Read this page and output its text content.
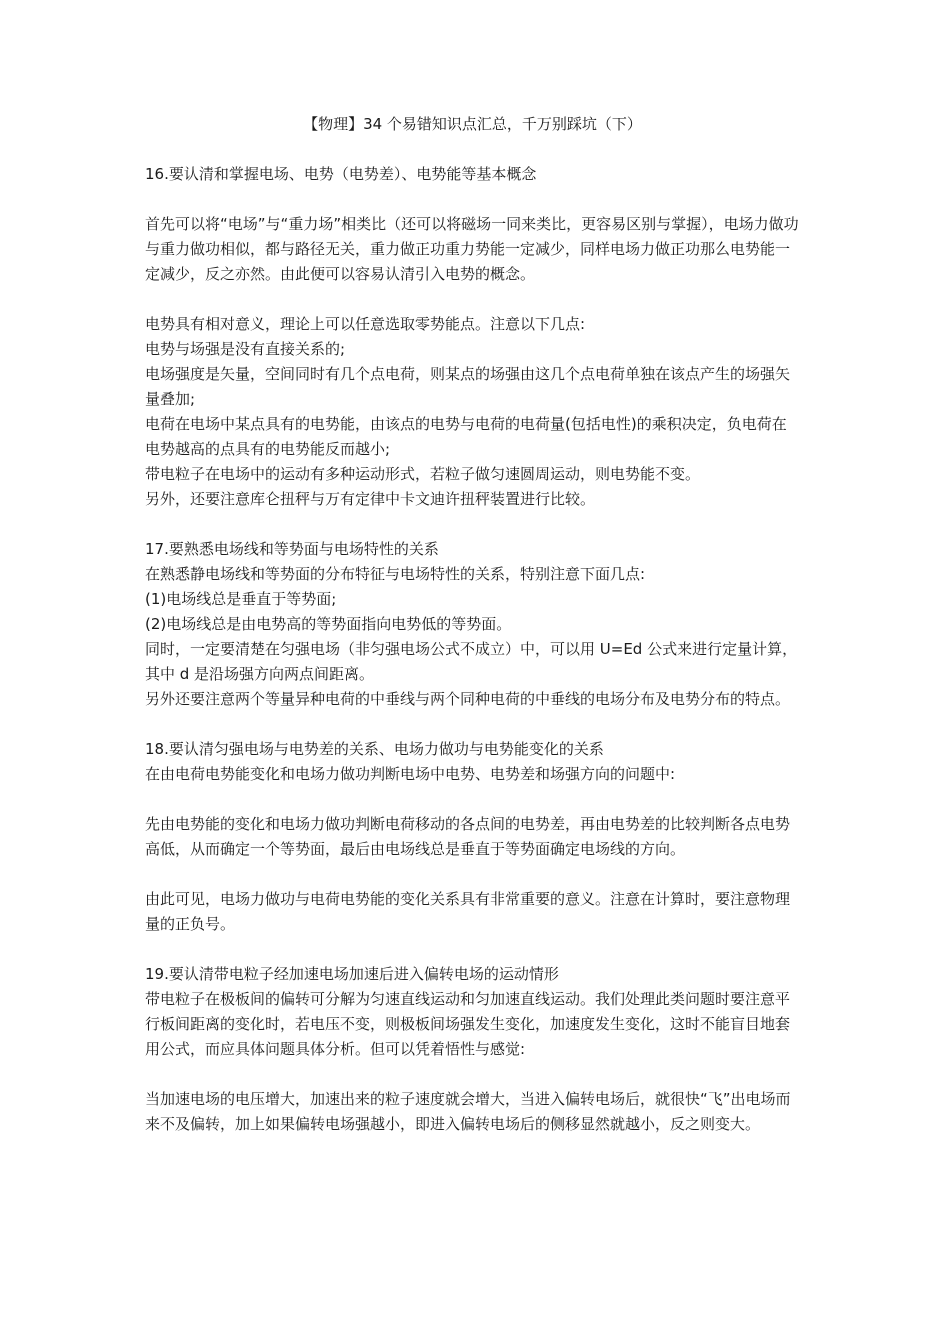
【物理】34 个易错知识点汇总，千万别踩坑（下）
16.要认清和掌握电场、电势（电势差）、电势能等基本概念
首先可以将“电场”与“重力场”相类比（还可以将磁场一同来类比，更容易区别与掌握），电场力做功与重力做功相似，都与路径无关，重力做正功重力势能一定减少，同样电场力做正功那么电势能一定减少，反之亦然。由此便可以容易认清引入电势的概念。
电势具有相对意义，理论上可以任意选取零势能点。注意以下几点:
电势与场强是没有直接关系的;
电场强度是矢量，空间同时有几个点电荷，则某点的场强由这几个点电荷单独在该点产生的场强矢量叠加;
电荷在电场中某点具有的电势能，由该点的电势与电荷的电荷量(包括电性)的乘积决定，负电荷在电势越高的点具有的电势能反而越小;
带电粒子在电场中的运动有多种运动形式，若粒子做匀速圆周运动，则电势能不变。
另外，还要注意库仑扭秤与万有定律中卡文迪许扭秤装置进行比较。
17.要熟悉电场线和等势面与电场特性的关系
在熟悉静电场线和等势面的分布特征与电场特性的关系，特别注意下面几点:
(1)电场线总是垂直于等势面;
(2)电场线总是由电势高的等势面指向电势低的等势面。
同时，一定要清楚在匀强电场（非匀强电场公式不成立）中，可以用 U=Ed 公式来进行定量计算，其中 d 是沿场强方向两点间距离。
另外还要注意两个等量异种电荷的中垂线与两个同种电荷的中垂线的电场分布及电势分布的特点。
18.要认清匀强电场与电势差的关系、电场力做功与电势能变化的关系
在由电荷电势能变化和电场力做功判断电场中电势、电势差和场强方向的问题中:
先由电势能的变化和电场力做功判断电荷移动的各点间的电势差，再由电势差的比较判断各点电势高低，从而确定一个等势面，最后由电场线总是垂直于等势面确定电场线的方向。
由此可见，电场力做功与电荷电势能的变化关系具有非常重要的意义。注意在计算时，要注意物理量的正负号。
19.要认清带电粒子经加速电场加速后进入偏转电场的运动情形
带电粒子在极板间的偏转可分解为匀速直线运动和匀加速直线运动。我们处理此类问题时要注意平行板间距离的变化时，若电压不变，则极板间场强发生变化，加速度发生变化，这时不能盲目地套用公式，而应具体问题具体分析。但可以凭着悟性与感觉:
当加速电场的电压增大，加速出来的粒子速度就会增大，当进入偏转电场后，就很快“飞”出电场而来不及偏转，加上如果偏转电场强越小，即进入偏转电场后的侧移显然就越小，反之则变大。
